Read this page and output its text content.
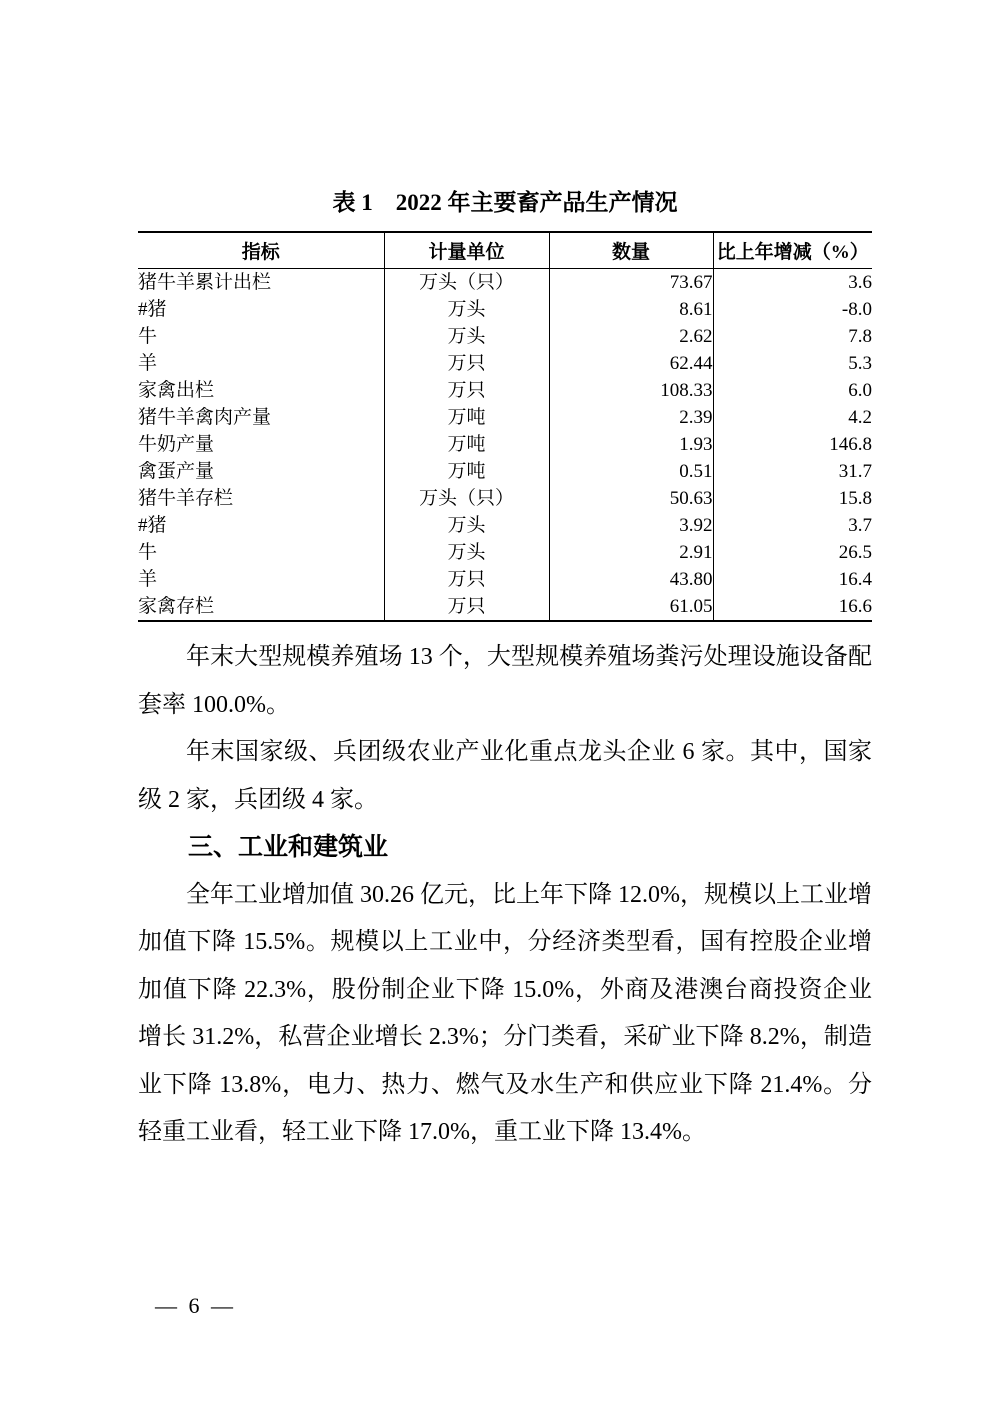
表 1　2022 年主要畜产品生产情况
指标	计量单位	数量	比上年增减（%）
猪牛羊累计出栏	万头（只）	73.67	3.6
#猪	万头	8.61	-8.0
牛	万头	2.62	7.8
羊	万只	62.44	5.3
家禽出栏	万只	108.33	6.0
猪牛羊禽肉产量	万吨	2.39	4.2
牛奶产量	万吨	1.93	146.8
禽蛋产量	万吨	0.51	31.7
猪牛羊存栏	万头（只）	50.63	15.8
#猪	万头	3.92	3.7
牛	万头	2.91	26.5
羊	万只	43.80	16.4
家禽存栏	万只	61.05	16.6

年末大型规模养殖场 13 个，大型规模养殖场粪污处理设施设备配套率 100.0%。

年末国家级、兵团级农业产业化重点龙头企业 6 家。其中，国家级 2 家，兵团级 4 家。

三、工业和建筑业

全年工业增加值 30.26 亿元，比上年下降 12.0%，规模以上工业增加值下降 15.5%。规模以上工业中，分经济类型看，国有控股企业增加值下降 22.3%，股份制企业下降 15.0%，外商及港澳台商投资企业增长 31.2%，私营企业增长 2.3%；分门类看，采矿业下降 8.2%，制造业下降 13.8%，电力、热力、燃气及水生产和供应业下降 21.4%。分轻重工业看，轻工业下降 17.0%，重工业下降 13.4%。

— 6 —
